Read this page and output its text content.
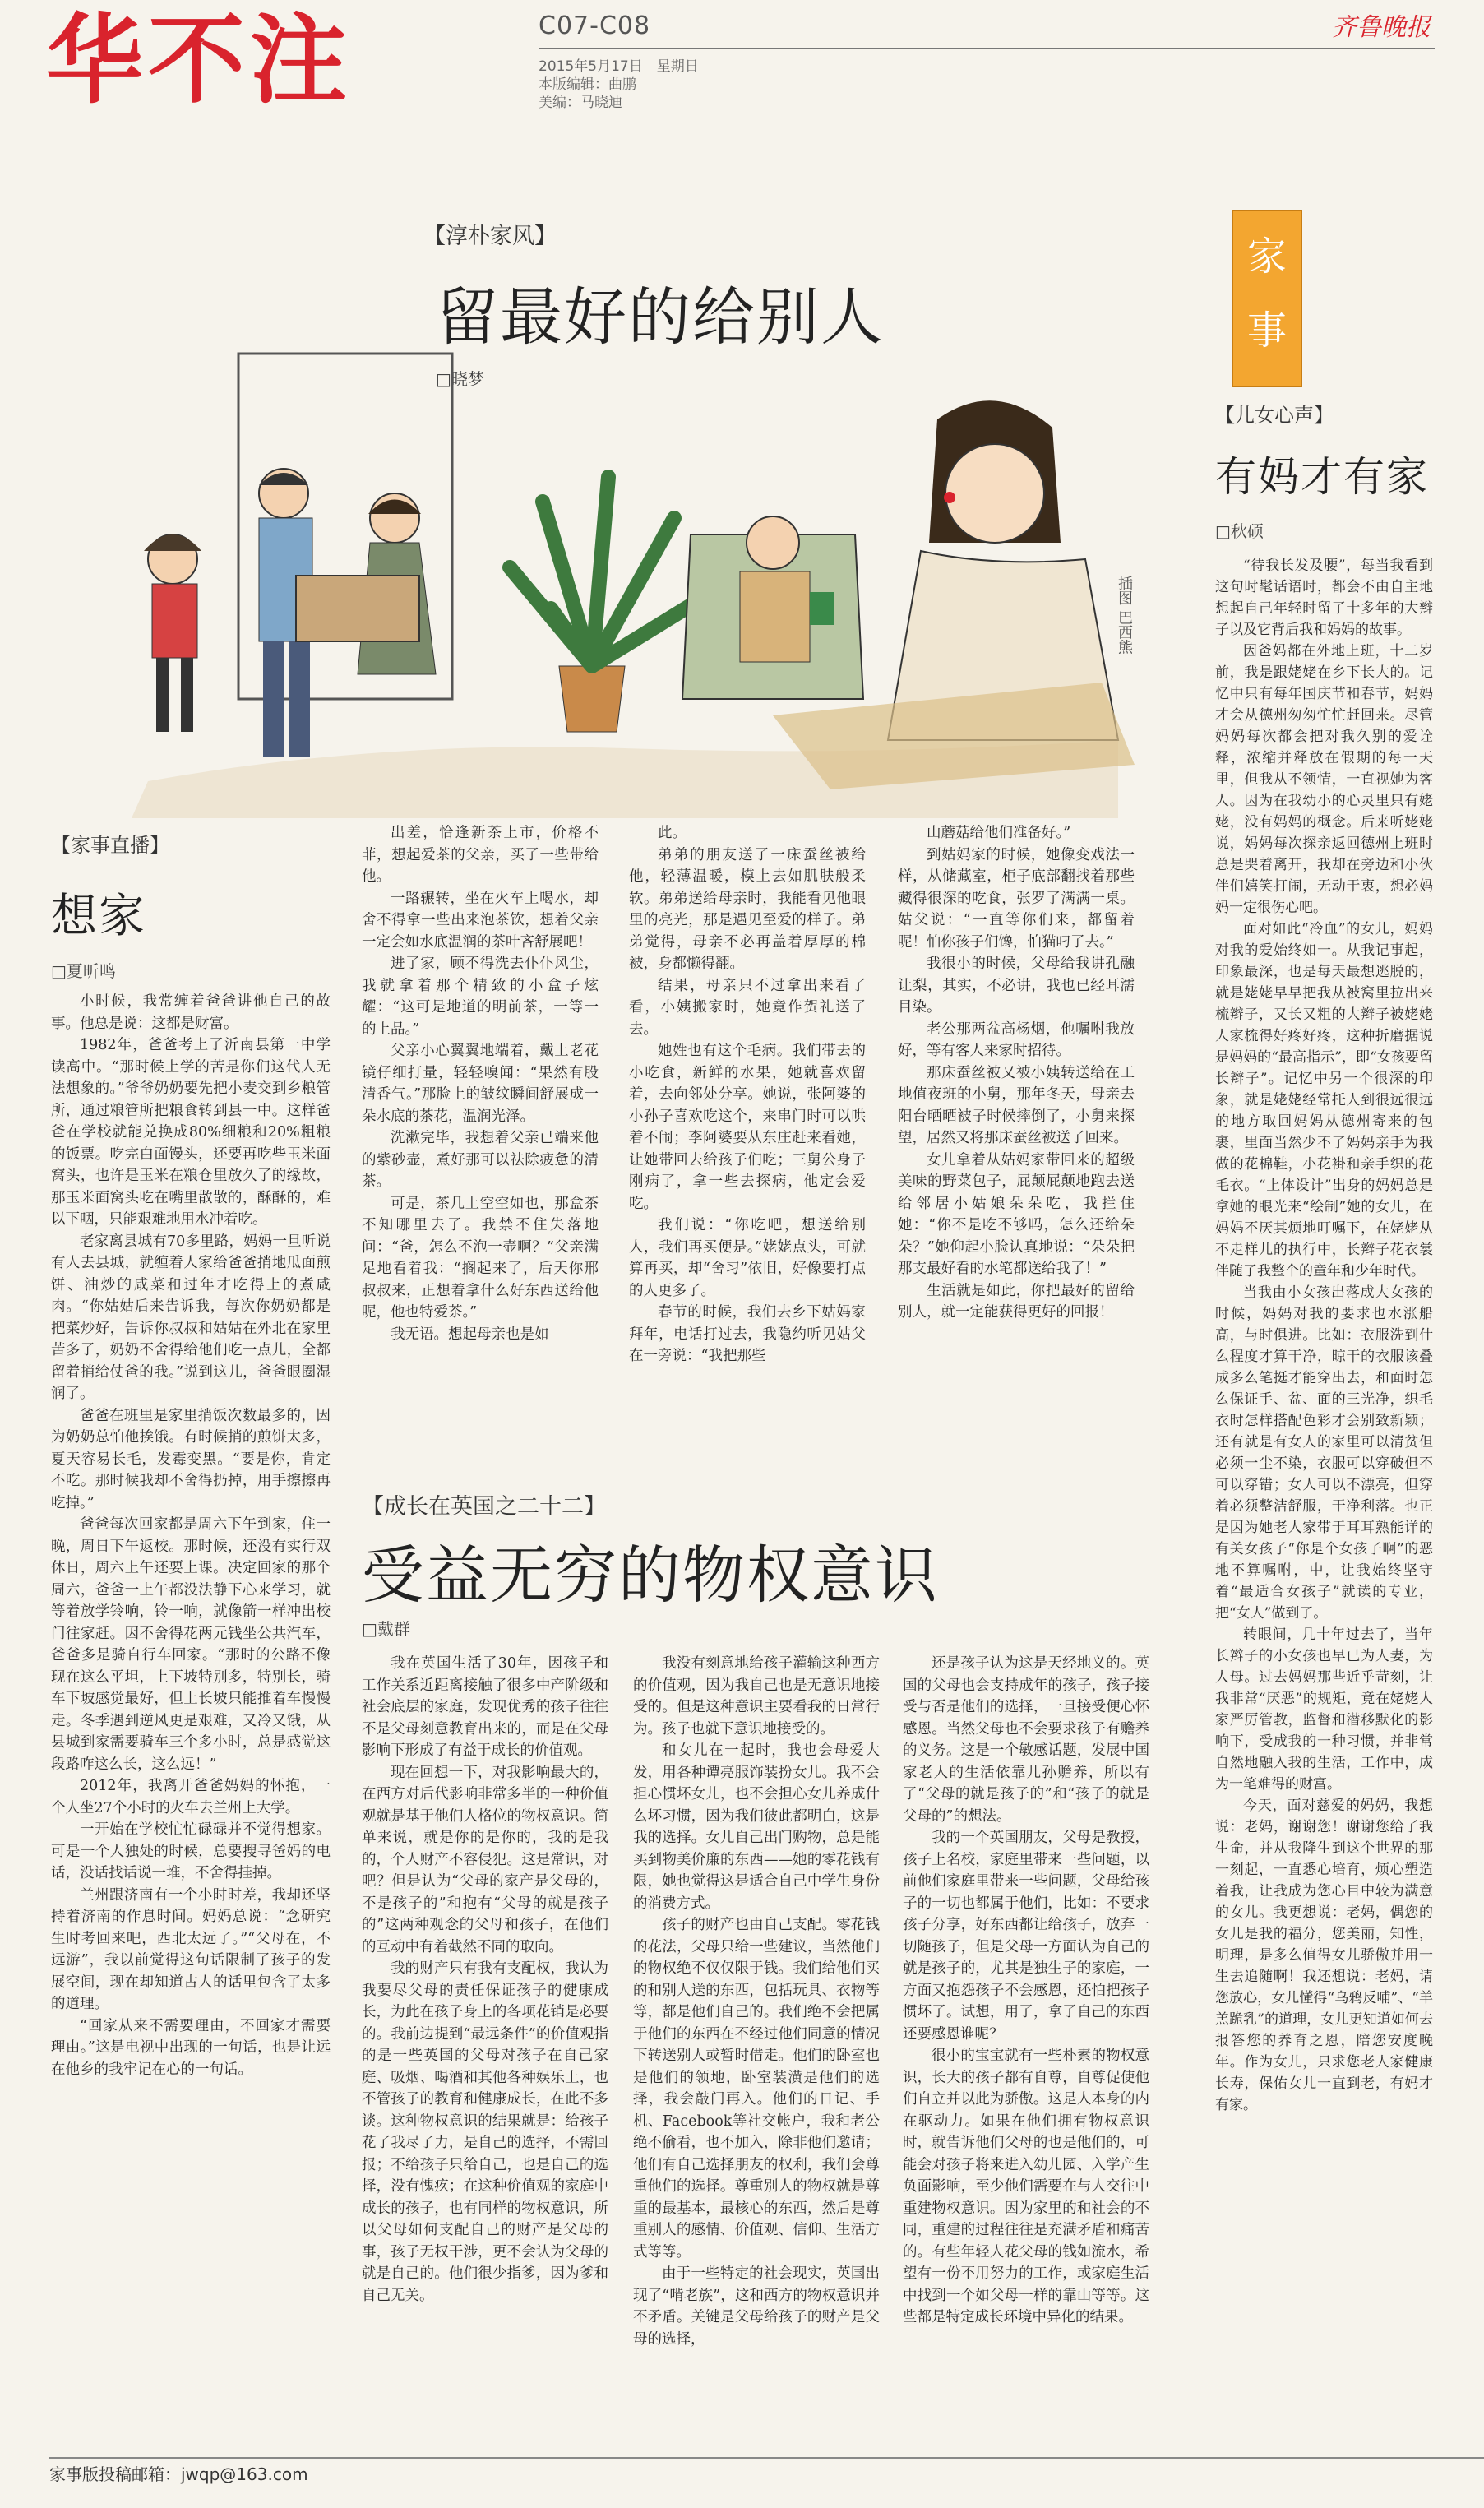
华不注	C07-C08
2015年5月17日　星期日
本版编辑：曲鹏
美编：马晓迪
齐鲁晚报
【淳朴家风】
留最好的给别人
□晓梦
插图 巴西熊

出差，恰逢新茶上市，价格不菲，想起爱茶的父亲，买了一些带给他。

一路辗转，坐在火车上喝水，却舍不得拿一些出来泡茶饮，想着父亲一定会如水底温润的茶叶吝舒展吧！

进了家，顾不得洗去仆仆风尘，我就拿着那个精致的小盒子炫耀：“这可是地道的明前茶，一等一的上品。”

父亲小心翼翼地端着，戴上老花镜仔细打量，轻轻嗅闻：“果然有股清香气。”那脸上的皱纹瞬间舒展成一朵水底的茶花，温润光泽。

洗漱完毕，我想着父亲已端来他的紫砂壶，煮好那可以祛除疲惫的清茶。

可是，茶几上空空如也，那盒茶不知哪里去了。我禁不住失落地问：“爸，怎么不泡一壶啊？”父亲满足地看着我：“搁起来了，后天你邢叔叔来，正想着拿什么好东西送给他呢，他也特爱茶。”

我无语。想起母亲也是如

此。

弟弟的朋友送了一床蚕丝被给他，轻薄温暖，模上去如肌肤般柔软。弟弟送给母亲时，我能看见他眼里的亮光，那是遇见至爱的样子。弟弟觉得，母亲不必再盖着厚厚的棉被，身都懒得翻。

结果，母亲只不过拿出来看了看，小姨搬家时，她竟作贺礼送了去。

她姓也有这个毛病。我们带去的小吃食，新鲜的水果，她就喜欢留着，去向邻处分享。她说，张阿婆的小孙子喜欢吃这个，来串门时可以哄着不闹；李阿婆要从东庄赶来看她，让她带回去给孩子们吃；三舅公身子刚病了，拿一些去探病，他定会爱吃。

我们说：“你吃吧，想送给别人，我们再买便是。”姥姥点头，可就算再买，却“舍习”依旧，好像要打点的人更多了。

春节的时候，我们去乡下姑妈家拜年，电话打过去，我隐约听见姑父在一旁说：“我把那些

山蘑菇给他们准备好。”

到姑妈家的时候，她像变戏法一样，从储藏室，柜子底部翻找着那些藏得很深的吃食，张罗了满满一桌。姑父说：“一直等你们来，都留着呢！怕你孩子们馋，怕猫叼了去。”

我很小的时候，父母给我讲孔融让梨，其实，不必讲，我也已经耳濡目染。

老公那两盆高杨烟，他嘱咐我放好，等有客人来家时招待。

那床蚕丝被又被小姨转送给在工地值夜班的小舅，那年冬天，母亲去阳台晒晒被子时候摔倒了，小舅来探望，居然又将那床蚕丝被送了回来。

女儿拿着从姑妈家带回来的超级美味的野菜包子，屁颠屁颠地跑去送给邻居小姑娘朵朵吃，我拦住她：“你不是吃不够吗，怎么还给朵朵？”她仰起小脸认真地说：“朵朵把那支最好看的水笔都送给我了！”

生活就是如此，你把最好的留给别人，就一定能获得更好的回报！

【家事直播】
想家
□夏昕鸣

小时候，我常缠着爸爸讲他自己的故事。他总是说：这都是财富。

1982年，爸爸考上了沂南县第一中学读高中。“那时候上学的苦是你们这代人无法想象的。”爷爷奶奶要先把小麦交到乡粮管所，通过粮管所把粮食转到县一中。这样爸爸在学校就能兑换成80%细粮和20%粗粮的饭票。吃完白面馒头，还要再吃些玉米面窝头，也许是玉米在粮仓里放久了的缘故，那玉米面窝头吃在嘴里散散的，酥酥的，难以下咽，只能艰难地用水冲着吃。

老家离县城有70多里路，妈妈一旦听说有人去县城，就缠着人家给爸爸捎地瓜面煎饼、油炒的咸菜和过年才吃得上的煮咸肉。“你姑姑后来告诉我，每次你奶奶都是把菜炒好，告诉你叔叔和姑姑在外北在家里苦多了，奶奶不舍得给他们吃一点儿，全都留着捎给仗爸的我。”说到这儿，爸爸眼圈湿润了。

爸爸在班里是家里捎饭次数最多的，因为奶奶总怕他挨饿。有时候捎的煎饼太多，夏天容易长毛，发霉变黑。“要是你，肯定不吃。那时候我却不舍得扔掉，用手擦擦再吃掉。”

爸爸每次回家都是周六下午到家，住一晚，周日下午返校。那时候，还没有实行双休日，周六上午还要上课。决定回家的那个周六，爸爸一上午都没法静下心来学习，就等着放学铃响，铃一响，就像箭一样冲出校门往家赶。因不舍得花两元钱坐公共汽车，爸爸多是骑自行车回家。“那时的公路不像现在这么平坦，上下坡特别多，特别长，骑车下坡感觉最好，但上长坡只能推着车慢慢走。冬季遇到逆风更是艰难，又冷又饿，从县城到家需要骑车三个多小时，总是感觉这段路咋这么长，这么远！”

2012年，我离开爸爸妈妈的怀抱，一个人坐27个小时的火车去兰州上大学。

一开始在学校忙忙碌碌并不觉得想家。可是一个人独处的时候，总要搜寻爸妈的电话，没话找话说一堆，不舍得挂掉。

兰州跟济南有一个小时时差，我却还坚持着济南的作息时间。妈妈总说：“念研究生时考回来吧，西北太远了。”“父母在，不远游”，我以前觉得这句话限制了孩子的发展空间，现在却知道古人的话里包含了太多的道理。

“回家从来不需要理由，不回家才需要理由。”这是电视中出现的一句话，也是让远在他乡的我牢记在心的一句话。

【成长在英国之二十二】
受益无穷的物权意识
□戴群

我在英国生活了30年，因孩子和工作关系近距离接触了很多中产阶级和社会底层的家庭，发现优秀的孩子往往不是父母刻意教育出来的，而是在父母影响下形成了有益于成长的价值观。

现在回想一下，对我影响最大的，在西方对后代影响非常多半的一种价值观就是基于他们人格位的物权意识。简单来说，就是你的是你的，我的是我的，个人财产不容侵犯。这是常识，对吧？但是认为“父母的家产是父母的，不是孩子的”和抱有“父母的就是孩子的”这两种观念的父母和孩子，在他们的互动中有着截然不同的取向。

我的财产只有我有支配权，我认为我要尽父母的责任保证孩子的健康成长，为此在孩子身上的各项花销是必要的。我前边提到“最远条件”的价值观指的是一些英国的父母对孩子在自己家庭、吸烟、喝酒和其他各种娱乐上，也不管孩子的教育和健康成长，在此不多谈。这种物权意识的结果就是：给孩子花了我尽了力，是自己的选择，不需回报；不给孩子只给自己，也是自己的选择，没有愧疚；在这种价值观的家庭中成长的孩子，也有同样的物权意识，所以父母如何支配自己的财产是父母的事，孩子无权干涉，更不会认为父母的就是自己的。他们很少指爹，因为爹和自己无关。

我没有刻意地给孩子灌输这种西方的价值观，因为我自己也是无意识地接受的。但是这种意识主要看我的日常行为。孩子也就下意识地接受的。

和女儿在一起时，我也会母爱大发，用各种谭亮服饰装扮女儿。我不会担心惯坏女儿，也不会担心女儿养成什么坏习惯，因为我们彼此都明白，这是我的选择。女儿自己出门购物，总是能买到物美价廉的东西——她的零花钱有限，她也觉得这是适合自己中学生身份的消费方式。

孩子的财产也由自己支配。零花钱的花法，父母只给一些建议，当然他们的物权绝不仅仅限于钱。我们给他们买的和别人送的东西，包括玩具、衣物等等，都是他们自己的。我们绝不会把属于他们的东西在不经过他们同意的情况下转送别人或暂时借走。他们的卧室也是他们的领地，卧室装潢是他们的选择，我会敲门再入。他们的日记、手机、Facebook等社交帐户，我和老公绝不偷看，也不加入，除非他们邀请；他们有自己选择朋友的权利，我们会尊重他们的选择。尊重别人的物权就是尊重的最基本，最核心的东西，然后是尊重别人的感情、价值观、信仰、生活方式等等。

由于一些特定的社会现实，英国出现了“啃老族”，这和西方的物权意识并不矛盾。关键是父母给孩子的财产是父母的选择，

还是孩子认为这是天经地义的。英国的父母也会支持成年的孩子，孩子接受与否是他们的选择，一旦接受便心怀感恩。当然父母也不会要求孩子有赡养的义务。这是一个敏感话题，发展中国家老人的生活依靠儿孙赡养，所以有了“父母的就是孩子的”和“孩子的就是父母的”的想法。

我的一个英国朋友，父母是教授，孩子上名校，家庭里带来一些问题，以前他们家庭里带来一些问题，父母给孩子的一切也都属于他们，比如：不要求孩子分享，好东西都让给孩子，放弃一切随孩子，但是父母一方面认为自己的就是孩子的，尤其是独生子的家庭，一方面又抱怨孩子不会感恩，还怕把孩子惯坏了。试想，用了，拿了自己的东西还要感恩谁呢？

很小的宝宝就有一些朴素的物权意识，长大的孩子都有自尊，自尊促使他们自立并以此为骄傲。这是人本身的内在驱动力。如果在他们拥有物权意识时，就告诉他们父母的也是他们的，可能会对孩子将来进入幼儿园、入学产生负面影响，至少他们需要在与人交往中重建物权意识。因为家里的和社会的不同，重建的过程往往是充满矛盾和痛苦的。有些年轻人花父母的钱如流水，希望有一份不用努力的工作，或家庭生活中找到一个如父母一样的靠山等等。这些都是特定成长环境中异化的结果。

家
事
【儿女心声】
有妈才有家
□秋硕

“待我长发及腰”，每当我看到这句时髦话语时，都会不由自主地想起自己年轻时留了十多年的大辫子以及它背后我和妈妈的故事。

因爸妈都在外地上班，十二岁前，我是跟姥姥在乡下长大的。记忆中只有每年国庆节和春节，妈妈才会从德州匆匆忙忙赶回来。尽管妈妈每次都会把对我久别的爱诠释，浓缩并释放在假期的每一天里，但我从不领情，一直视她为客人。因为在我幼小的心灵里只有姥姥，没有妈妈的概念。后来听姥姥说，妈妈每次探亲返回德州上班时总是哭着离开，我却在旁边和小伙伴们嬉笑打闹，无动于衷，想必妈妈一定很伤心吧。

面对如此“冷血”的女儿，妈妈对我的爱始终如一。从我记事起，印象最深，也是每天最想逃脱的，就是姥姥早早把我从被窝里拉出来梳辫子，又长又粗的大辫子被姥姥人家梳得好疼好疼，这种折磨据说是妈妈的“最高指示”，即“女孩要留长辫子”。记忆中另一个很深的印象，就是姥姥经常托人到很远很远的地方取回妈妈从德州寄来的包裹，里面当然少不了妈妈亲手为我做的花棉鞋，小花褂和亲手织的花毛衣。“上体设计”出身的妈妈总是拿她的眼光来“绘制”她的女儿，在妈妈不厌其烦地叮嘱下，在姥姥从不走样儿的执行中，长辫子花衣裳伴随了我整个的童年和少年时代。

当我由小女孩出落成大女孩的时候，妈妈对我的要求也水涨船高，与时俱进。比如：衣服洗到什么程度才算干净，晾干的衣服该叠成多么笔挺才能穿出去，和面时怎么保证手、盆、面的三光净，织毛衣时怎样搭配色彩才会别致新颖；还有就是有女人的家里可以清贫但必须一尘不染，衣服可以穿破但不可以穿错；女人可以不漂亮，但穿着必须整洁舒服，干净利落。也正是因为她老人家带于耳耳熟能详的有关女孩子“你是个女孩子啊”的恶地不算嘱咐，中，让我始终坚守着“最适合女孩子”就读的专业，把“女人”做到了。

转眼间，几十年过去了，当年长辫子的小女孩也早已为人妻，为人母。过去妈妈那些近乎苛刻，让我非常“厌恶”的规矩，竟在姥姥人家严厉管教，监督和潜移默化的影响下，受成我的一种习惯，并非常自然地融入我的生活，工作中，成为一笔难得的财富。

今天，面对慈爱的妈妈，我想说：老妈，谢谢您！谢谢您给了我生命，并从我降生到这个世界的那一刻起，一直悉心培育，烦心塑造着我，让我成为您心目中较为满意的女儿。我更想说：老妈，偶您的女儿是我的福分，您美丽，知性，明理，是多么值得女儿骄傲并用一生去追随啊！我还想说：老妈，请您放心，女儿懂得“乌鸦反哺”、“羊羔跪乳”的道理，女儿更知道如何去报答您的养育之恩，陪您安度晚年。作为女儿，只求您老人家健康长寿，保佑女儿一直到老，有妈才有家。

家事版投稿邮箱：jwqp@163.com
